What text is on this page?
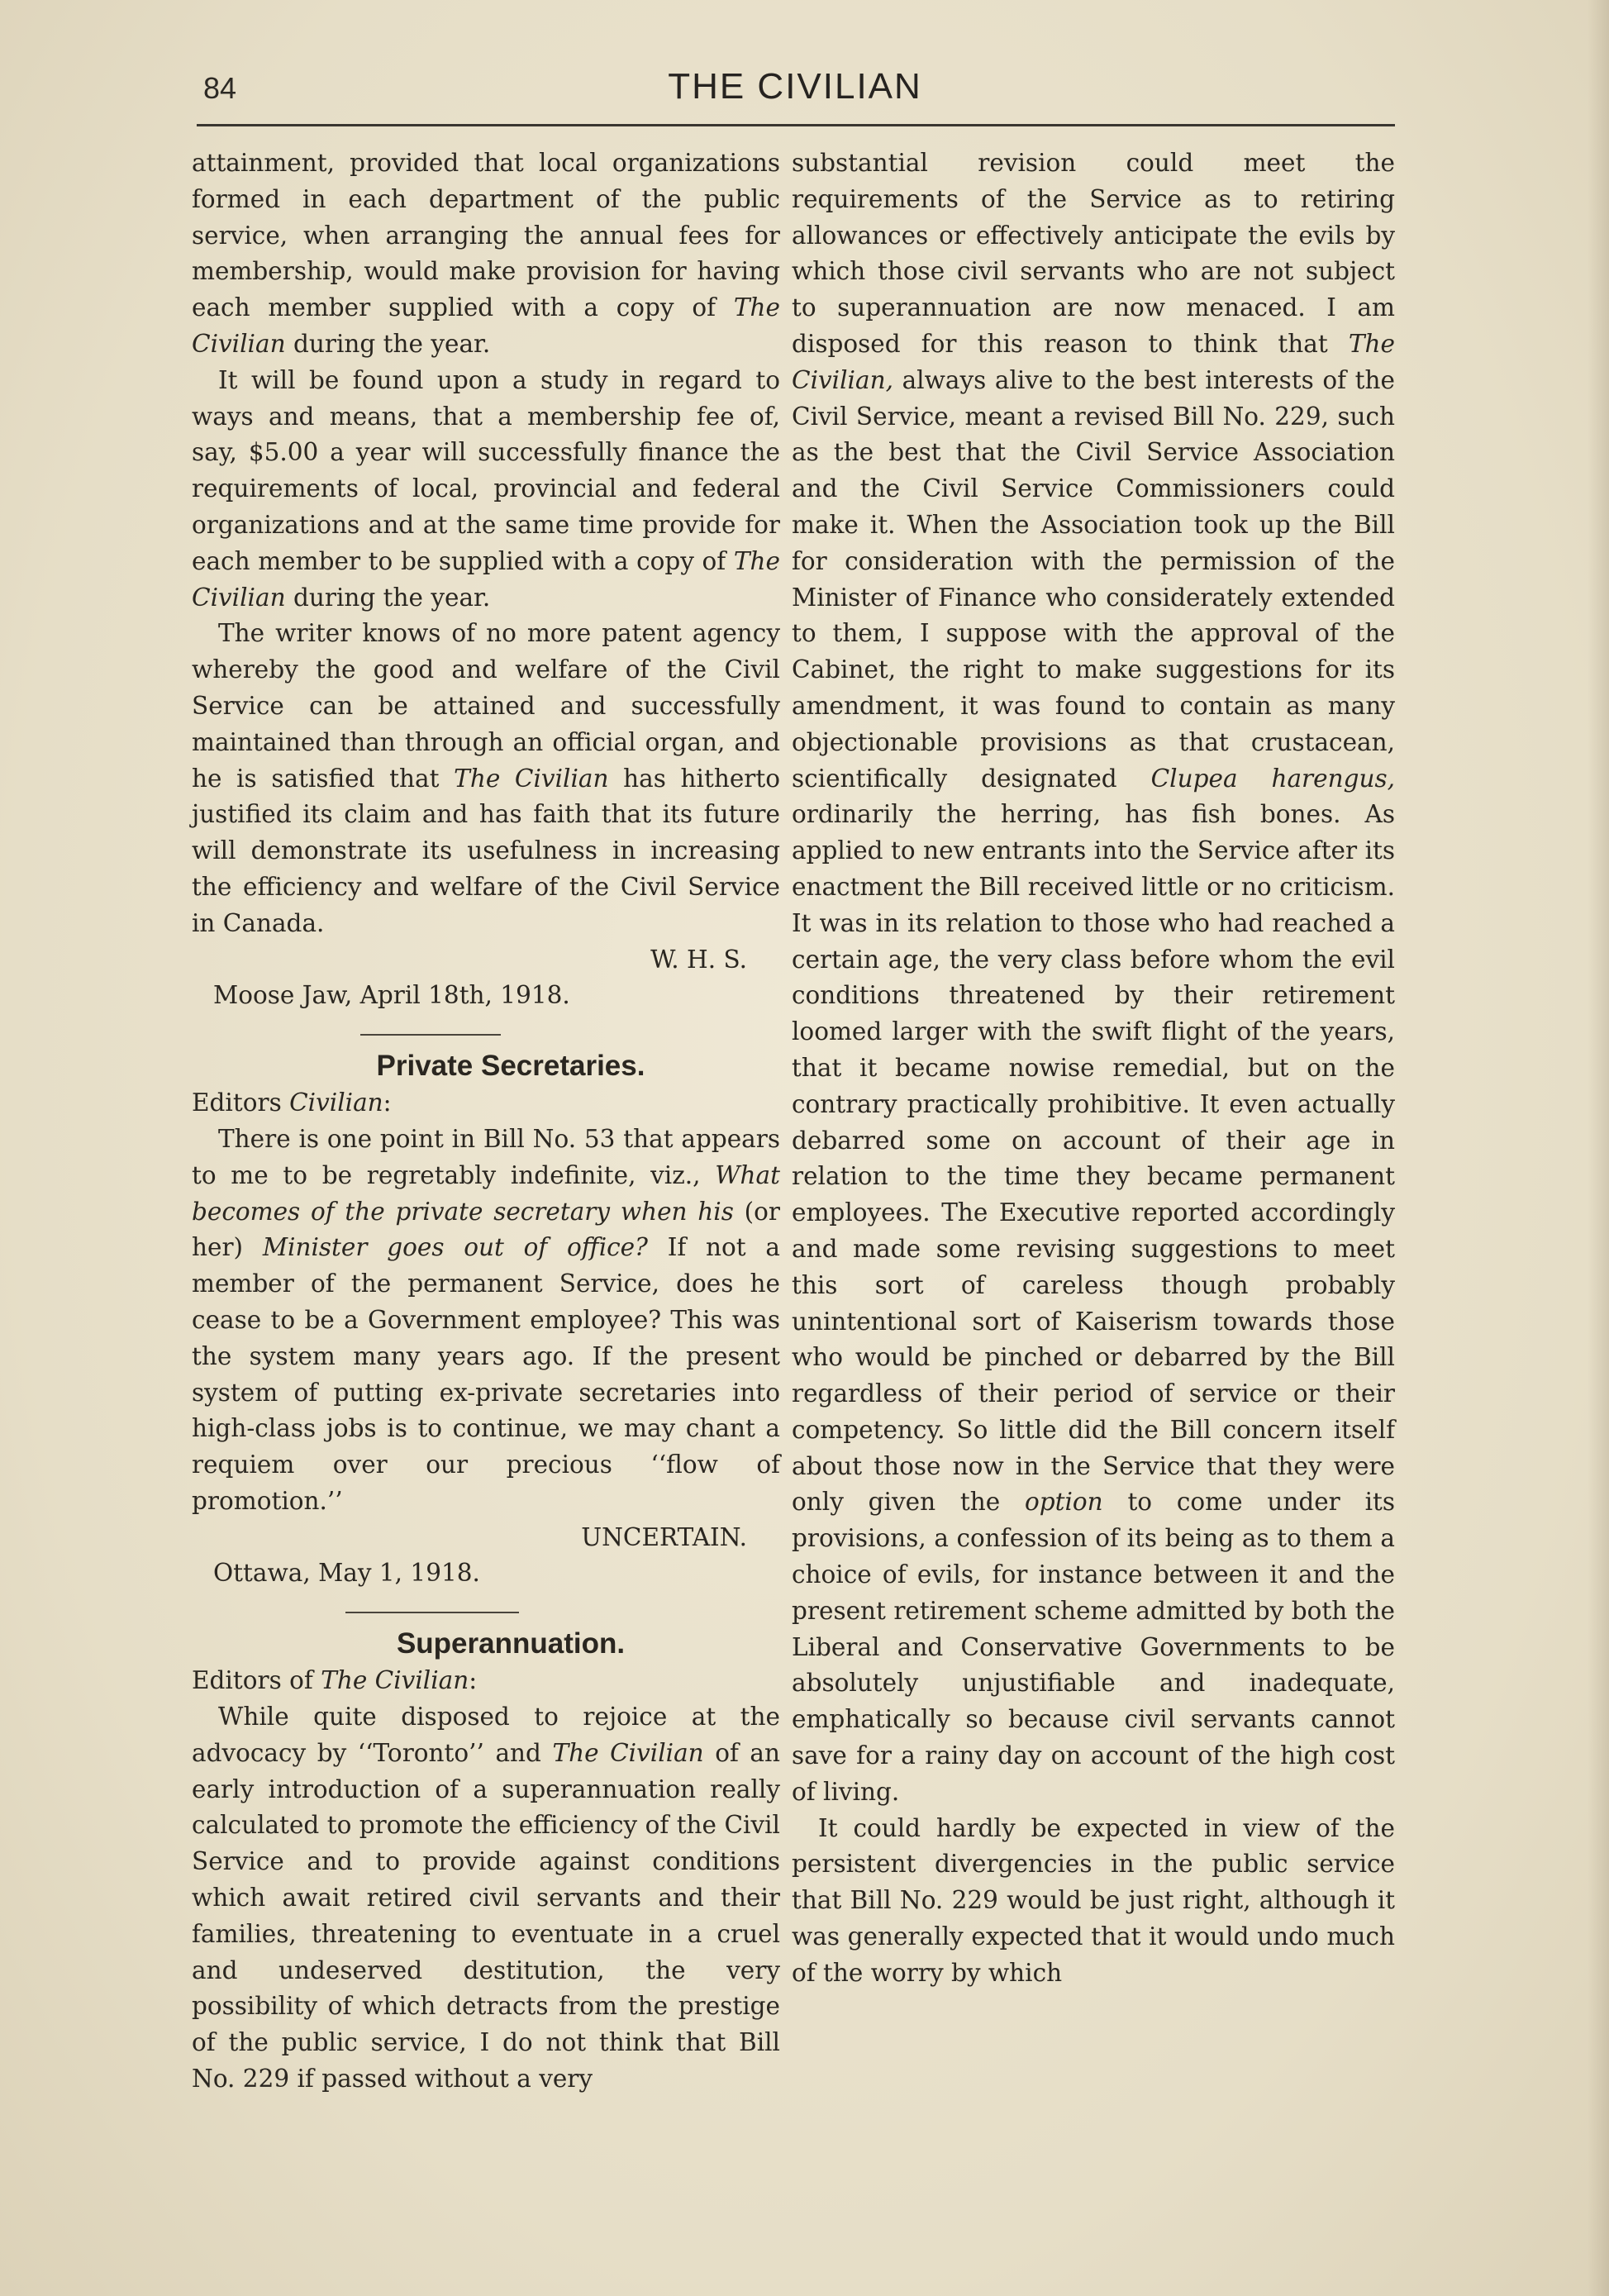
84	THE CIVILIAN

attainment, provided that local organizations formed in each department of the public service, when arranging the annual fees for membership, would make provision for having each member supplied with a copy of The Civilian during the year.

It will be found upon a study in regard to ways and means, that a membership fee of, say, $5.00 a year will successfully finance the requirements of local, provincial and federal organizations and at the same time provide for each member to be supplied with a copy of The Civilian during the year.

The writer knows of no more patent agency whereby the good and welfare of the Civil Service can be attained and successfully maintained than through an official organ, and he is satisfied that The Civilian has hitherto justified its claim and has faith that its future will demonstrate its usefulness in increasing the efficiency and welfare of the Civil Service in Canada.

W. H. S.

Moose Jaw, April 18th, 1918.

Private Secretaries.

Editors Civilian:

There is one point in Bill No. 53 that appears to me to be regretably indefinite, viz., What becomes of the private secretary when his (or her) Minister goes out of office? If not a member of the permanent Service, does he cease to be a Government employee? This was the system many years ago. If the present system of putting ex-private secretaries into high-class jobs is to continue, we may chant a requiem over our precious ‘‘flow of promotion.’’

UNCERTAIN.

Ottawa, May 1, 1918.

Superannuation.

Editors of The Civilian:

While quite disposed to rejoice at the advocacy by ‘‘Toronto’’ and The Civilian of an early introduction of a superannuation really calculated to promote the efficiency of the Civil Service and to provide against conditions which await retired civil servants and their families, threatening to eventuate in a cruel and undeserved destitution, the very possibility of which detracts from the prestige of the public service, I do not think that Bill No. 229 if passed without a very

substantial revision could meet the requirements of the Service as to retiring allowances or effectively anticipate the evils by which those civil servants who are not subject to superannuation are now menaced. I am disposed for this reason to think that The Civilian, always alive to the best interests of the Civil Service, meant a revised Bill No. 229, such as the best that the Civil Service Association and the Civil Service Commissioners could make it. When the Association took up the Bill for consideration with the permission of the Minister of Finance who considerately extended to them, I suppose with the approval of the Cabinet, the right to make suggestions for its amendment, it was found to contain as many objectionable provisions as that crustacean, scientifically designated Clupea harengus, ordinarily the herring, has fish bones. As applied to new entrants into the Service after its enactment the Bill received little or no criticism. It was in its relation to those who had reached a certain age, the very class before whom the evil conditions threatened by their retirement loomed larger with the swift flight of the years, that it became nowise remedial, but on the contrary practically prohibitive. It even actually debarred some on account of their age in relation to the time they became permanent employees. The Executive reported accordingly and made some revising suggestions to meet this sort of careless though probably unintentional sort of Kaiserism towards those who would be pinched or debarred by the Bill regardless of their period of service or their competency. So little did the Bill concern itself about those now in the Service that they were only given the option to come under its provisions, a confession of its being as to them a choice of evils, for instance between it and the present retirement scheme admitted by both the Liberal and Conservative Governments to be absolutely unjustifiable and inadequate, emphatically so because civil servants cannot save for a rainy day on account of the high cost of living.

It could hardly be expected in view of the persistent divergencies in the public service that Bill No. 229 would be just right, although it was generally expected that it would undo much of the worry by which
